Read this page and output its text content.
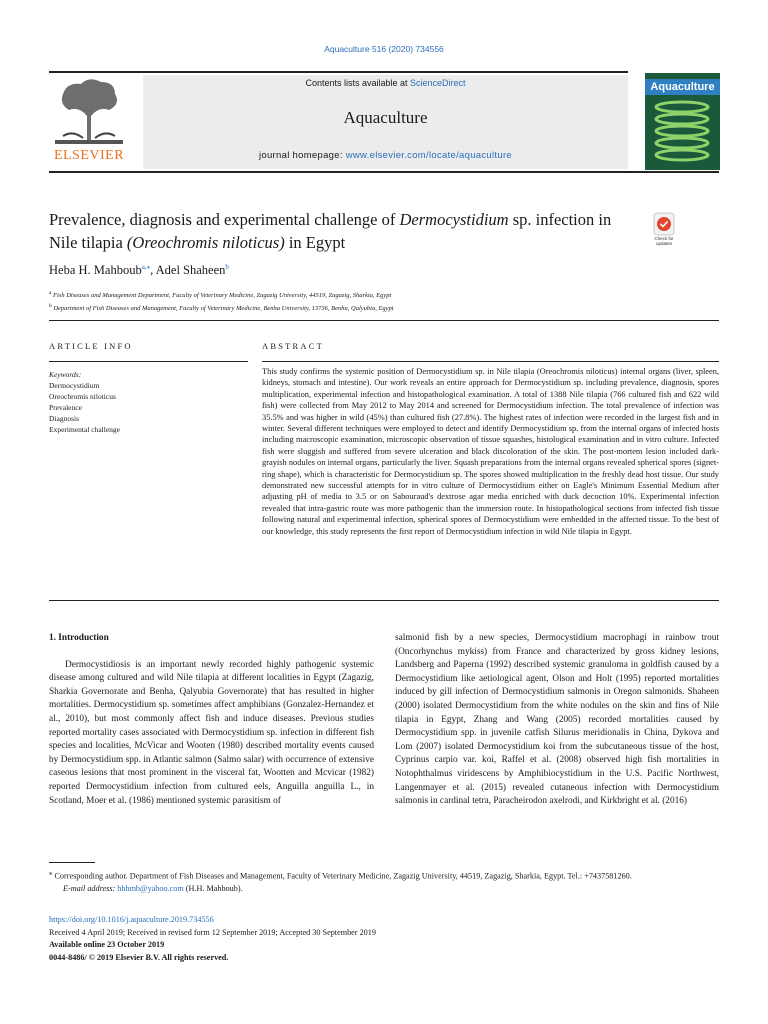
Aquaculture 516 (2020) 734556
ELSEVIER
Contents lists available at ScienceDirect
Aquaculture
journal homepage: www.elsevier.com/locate/aquaculture
Aquaculture
Prevalence, diagnosis and experimental challenge of Dermocystidium sp. infection in Nile tilapia (Oreochromis niloticus) in Egypt	Check for updates
Heba H. Mahboub$^{a,⁎}$, Adel Shaheen$^b$
$^a$ Fish Diseases and Management Department, Faculty of Veterinary Medicine, Zagazig University, 44519, Zagazig, Sharkia, Egypt
$^b$ Department of Fish Diseases and Management, Faculty of Veterinary Medicine, Benha University, 13736, Benha, Qalyubia, Egypt
ARTICLE INFO	ABSTRACT
Keywords:
Dermocystidium
Oreochromis niloticus
Prevalence
Diagnosis
Experimental challenge
This study confirms the systemic position of Dermocystidium sp. in Nile tilapia (Oreochromis niloticus) internal organs (liver, spleen, kidneys, stomach and intestine). Our work reveals an entire approach for Dermocystidium sp. including prevalence, diagnosis, spores multiplication, experimental infection and histopathological examination. A total of 1388 Nile tilapia (766 cultured fish and 622 wild fish) were collected from May 2012 to May 2014 and screened for Dermocystidium infection. The total prevalence of infection was 35.5% and was higher in wild (45%) than cultured fish (27.8%). The highest rates of infection were recorded in the largest fish and in winter. Several different techniques were employed to detect and identify Dermocystidium sp. from the internal organs of infected hosts including macroscopic examination, microscopic observation of tissue squashes, histological examination and in vitro culture. Infected fish were sluggish and suffered from severe ulceration and black discoloration of the skin. The post-mortem lesion included dark-grayish nodules on internal organs, particularly the liver. Squash preparations from the internal organs revealed spherical spores (signet-ring shape), which is characteristic for Dermocystidium sp. The spores showed multiplication in the freshly dead host tissue. Our study demonstrated new successful attempts for in vitro culture of Dermocystidium either on Eagle's Minimum Essential Medium after adjusting pH of media to 3.5 or on Sabouraud's dextrose agar media enriched with duck decoction 10%. Experimental infection revealed that intra-gastric route was more pathogenic than the immersion route. In histopathological sections from infected fish tissue following natural and experimental infection, spherical spores of Dermocystidium were embedded in the affected tissue. To the best of our knowledge, this study represents the first report of Dermocystidium infection in wild Nile tilapia in Egypt.
1. Introduction

Dermocystidiosis is an important newly recorded highly pathogenic systemic disease among cultured and wild Nile tilapia at different localities in Egypt (Zagazig, Sharkia Governorate and Benha, Qalyubia Governorate) that has resulted in higher mortalities. Dermocystidium sp. sometimes affect amphibians (Gonzalez-Hernandez et al., 2010), but most commonly affect fish and induce diseases. Previous studies reported mortality cases associated with Dermocystidium sp. infection in different fish species and localities, McVicar and Wooten (1980) described mortality events caused by Dermocystidium spp. in Atlantic salmon (Salmo salar) with occurrence of extensive caseous lesions that most prominent in the visceral fat, Wootten and Mcvicar (1982) reported Dermocystidium infection from cultured eels, Anguilla anguilla L., in Scotland, Moer et al. (1986) mentioned systemic parasitism of

salmonid fish by a new species, Dermocystidium macrophagi in rainbow trout (Oncorhynchus mykiss) from France and characterized by gross kidney lesions, Landsberg and Paperna (1992) described systemic granuloma in goldfish caused by a Dermocystidium like aetiological agent, Olson and Holt (1995) reported mortalities induced by gill infection of Dermocystidium salmonis in Oregon salmonids. Shaheen (2000) isolated Dermocystidium from the white nodules on the skin and fins of Nile tilapia in Egypt, Zhang and Wang (2005) recorded mortalities caused by Dermocystidium spp. in juvenile catfish Silurus meridionalis in China, Dykova and Lom (2007) isolated Dermocystidium koi from the subcutaneous tissue of the host, Cyprinus carpio var. koi, Raffel et al. (2008) observed high fish mortalities in Notophthalmus viridescens by Amphibiocystidium in the U.S. Pacific Northwest, Langenmayer et al. (2015) revealed cutaneous infection with Dermocystidium salmonis in cardinal tetra, Paracheirodon axelrodi, and Kirkbright et al. (2016)

⁎ Corresponding author. Department of Fish Diseases and Management, Faculty of Veterinary Medicine, Zagazig University, 44519, Zagazig, Sharkia, Egypt. Tel.: +7437581260.
E-mail address: hhhmb@yahoo.com (H.H. Mahboub).
https://doi.org/10.1016/j.aquaculture.2019.734556
Received 4 April 2019; Received in revised form 12 September 2019; Accepted 30 September 2019
Available online 23 October 2019
0044-8486/ © 2019 Elsevier B.V. All rights reserved.
